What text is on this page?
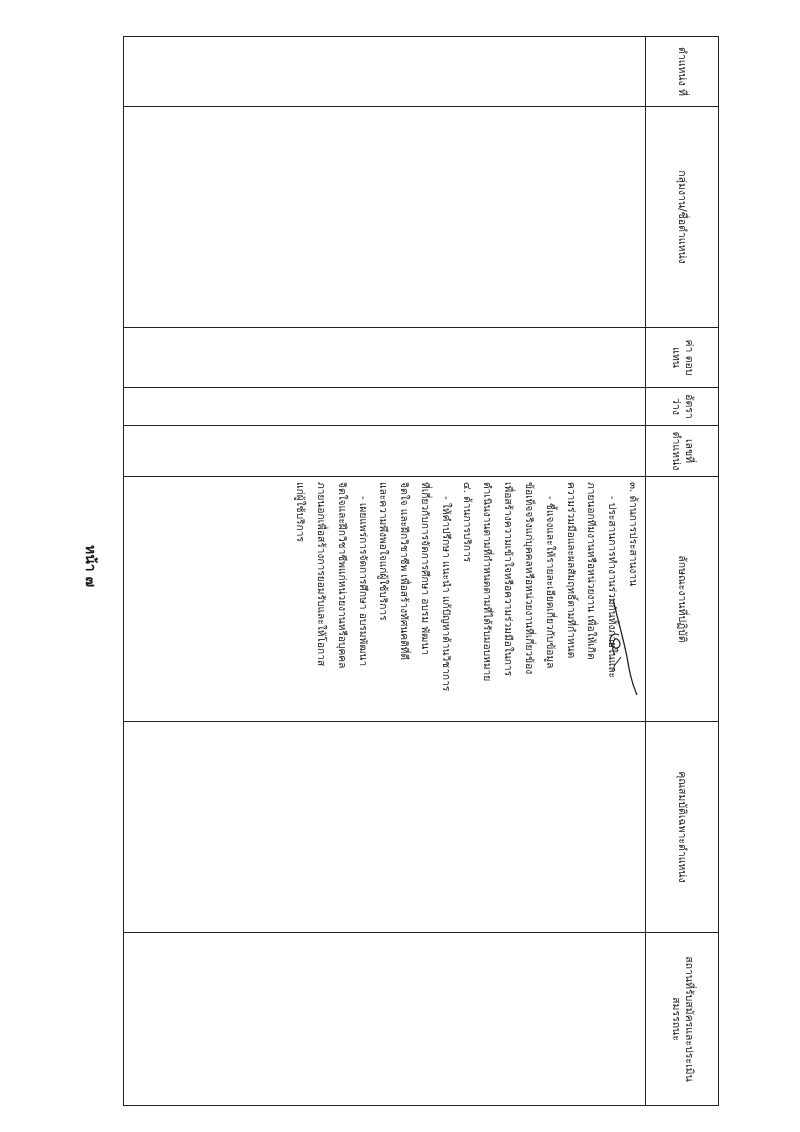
หน้า ๗
ตำแหน่ง ที่
กลุ่มงาน/ชื่อตำแหน่ง
ค่า ตอบ แทน
อัตรา ว่าง
เลขที่ ตำแหน่ง
ลักษณะงานที่ปฏิบัติ
๓. ด้านการประสานงาน
- ประสานการทำงานร่วมกันทั้งภายในและ
ภายนอกทีมงานหรือหน่วยงาน เพื่อให้เกิด
ความร่วมมือและผลสัมฤทธิ์ตามที่กำหนด
- ชี้แจงและให้รายละเอียดเกี่ยวกับข้อมูล
ข้อเท็จจริงแก่บุคคลหรือหน่วยงานที่เกี่ยวข้อง
เพื่อสร้างความเข้าใจหรือความร่วมมือในการ
ดำเนินงานตามที่กำหนดตามที่ได้รับมอบหมาย
๔. ด้านการบริการ
- ให้คำปรึกษา แนะนำ แก้ปัญหาด้านวิชาการ
ที่เกี่ยวกับการจัดการศึกษา อบรม พัฒนา
จิตใจ และฝึกวิชาชีพ เพื่อสร้างทัศนคติที่ดี
และความพึงพอใจแก่ผู้ใช้บริการ
- เผยแพร่การจัดการศึกษา อบรมพัฒนา
จิตใจและฝึกวิชาชีพแก่หน่วยงานหรือบุคคล
ภายนอกเพื่อสร้างการยอมรับและให้โอกาส
แก่ผู้ใช้บริการ
คุณสมบัติเฉพาะตำแหน่ง
สถานที่รับสมัครและประเมินสมรรถนะ
